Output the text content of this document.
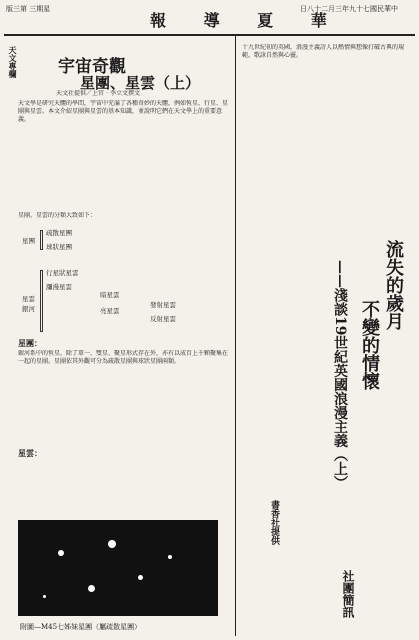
版三第 三期星
報 導 夏 華
日八十二月三年九十七國民華中
天文專欄 宇宙奇觀
星團、星雲（上）
天文社提供／上官‧李立文撰文
天文學是研究天體的學問，宇宙中充滿了各種奇妙的天體，例如恆星、行星、星團與星雲。本文介紹星團與星雲的基本知識，並說明它們在天文學上的重要意義。
星團、星雲的分類大致如下：
星團
疏散星團
球狀星團
星雲
銀河
行星狀星雲
瀰漫星雲
暗星雲
亮星雲
發射星雲
反射星雲
星團：
銀河系中的恆星，除了單一、雙星、聚星形式存在外，亦有以成百上千顆聚集在一起的星團。星團依其外觀可分為疏散星團與球狀星團兩類。
星雲：
附圖—M45七姊妹星團（屬疏散星團）
流失的歲月
不變的情懷
——淺談19世紀英國浪漫主義（上）
書香社提供
十九世紀初的英國，浪漫主義詩人以熱情與想像打破古典的規範，歌詠自然與心靈。
社團簡訊
